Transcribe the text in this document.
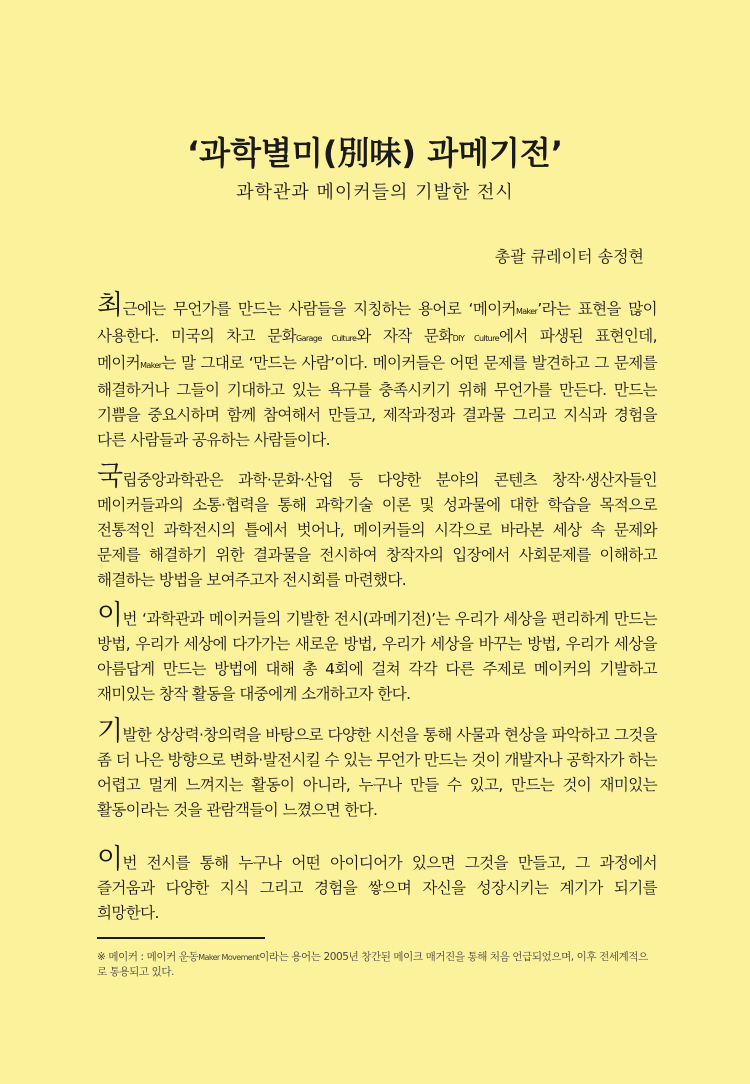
‘과학별미(別味) 과메기전’
과학관과 메이커들의 기발한 전시
총괄 큐레이터 송정현
최근에는 무언가를 만드는 사람들을 지칭하는 용어로 ‘메이커Maker’라는 표현을 많이 사용한다. 미국의 차고 문화Garage Culture와 자작 문화DIY Culture에서 파생된 표현인데, 메이커Maker는 말 그대로 ‘만드는 사람’이다. 메이커들은 어떤 문제를 발견하고 그 문제를 해결하거나 그들이 기대하고 있는 욕구를 충족시키기 위해 무언가를 만든다. 만드는 기쁨을 중요시하며 함께 참여해서 만들고, 제작과정과 결과물 그리고 지식과 경험을 다른 사람들과 공유하는 사람들이다.
국립중앙과학관은 과학·문화·산업 등 다양한 분야의 콘텐츠 창작·생산자들인 메이커들과의 소통·협력을 통해 과학기술 이론 및 성과물에 대한 학습을 목적으로 전통적인 과학전시의 틀에서 벗어나, 메이커들의 시각으로 바라본 세상 속 문제와 문제를 해결하기 위한 결과물을 전시하여 창작자의 입장에서 사회문제를 이해하고 해결하는 방법을 보여주고자 전시회를 마련했다.
이번 ‘과학관과 메이커들의 기발한 전시(과메기전)’는 우리가 세상을 편리하게 만드는 방법, 우리가 세상에 다가가는 새로운 방법, 우리가 세상을 바꾸는 방법, 우리가 세상을 아름답게 만드는 방법에 대해 총 4회에 걸쳐 각각 다른 주제로 메이커의 기발하고 재미있는 창작 활동을 대중에게 소개하고자 한다.
기발한 상상력·창의력을 바탕으로 다양한 시선을 통해 사물과 현상을 파악하고 그것을 좀 더 나은 방향으로 변화·발전시킬 수 있는 무언가 만드는 것이 개발자나 공학자가 하는 어렵고 멀게 느껴지는 활동이 아니라, 누구나 만들 수 있고, 만드는 것이 재미있는 활동이라는 것을 관람객들이 느꼈으면 한다.
이번 전시를 통해 누구나 어떤 아이디어가 있으면 그것을 만들고, 그 과정에서 즐거움과 다양한 지식 그리고 경험을 쌓으며 자신을 성장시키는 계기가 되기를 희망한다.
※ 메이커 : 메이커 운동Maker Movement이라는 용어는 2005년 창간된 메이크 매거진을 통해 처음 언급되었으며, 이후 전세계적으로 통용되고 있다.
